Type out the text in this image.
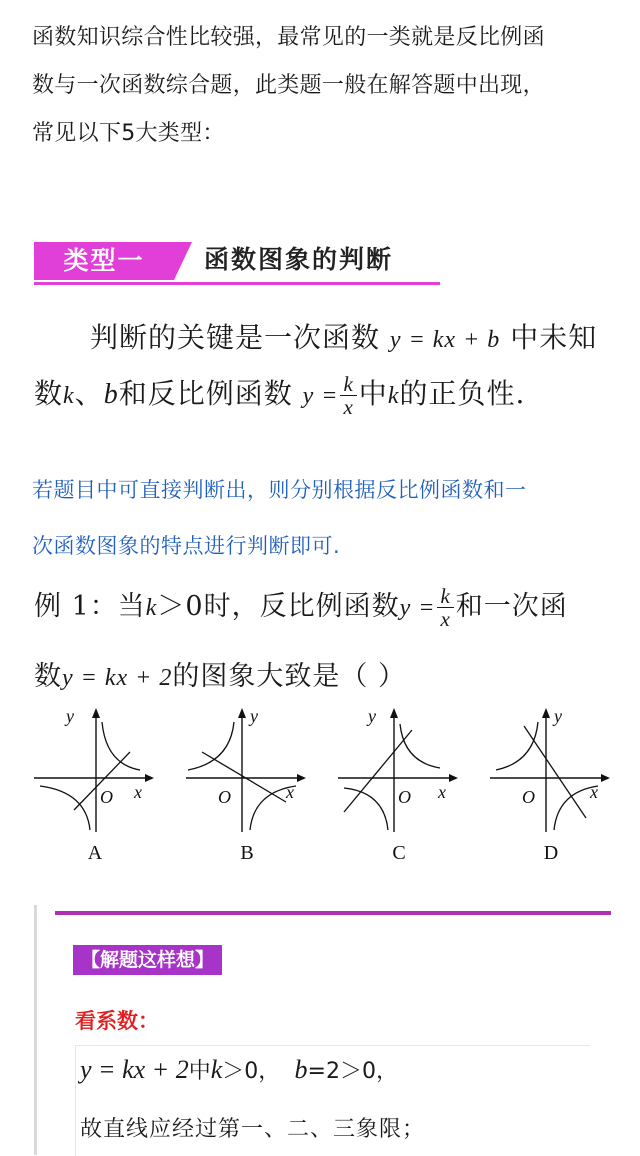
函数知识综合性比较强，最常见的一类就是反比例函

数与一次函数综合题，此类题一般在解答题中出现，

常见以下5大类型：

类型一	函数图象的判断
判断的关键是一次函数 y = kx + b 中未知
数k、b和反比例函数 $y = \frac{k}{x}$ 中k的正负性.

若题目中可直接判断出，则分别根据反比例函数和一

次函数图象的特点进行判断即可.

例 1：当k＞0时，反比例函数$y = \frac{k}{x}$ 和一次函
数y = kx + 2的图象大致是（ ）
y
x
O
A
y
x
O
B
y
x
O
C
y
x
O
D
【解题这样想】
看系数：
y = kx + 2中k＞0， b=2＞0，
故直线应经过第一、二、三象限；
